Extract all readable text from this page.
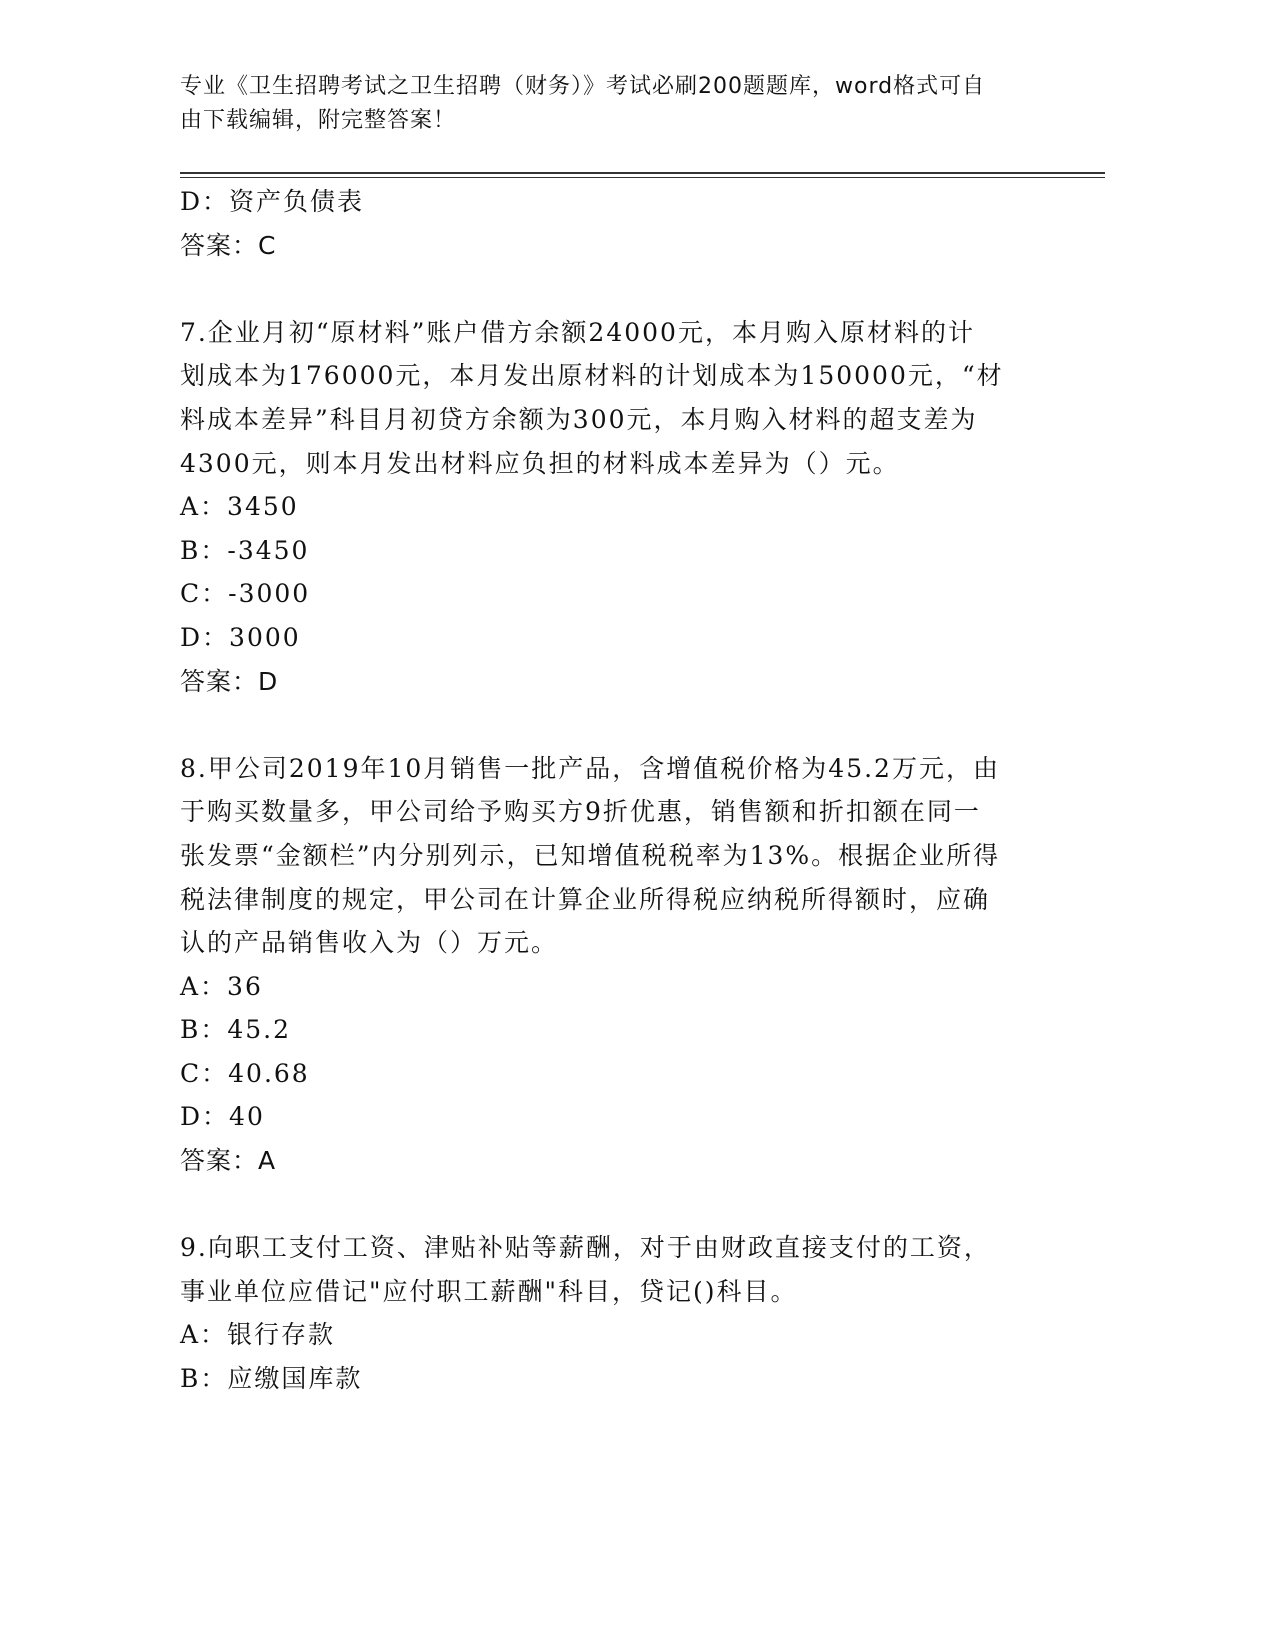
专业《卫生招聘考试之卫生招聘（财务）》考试必刷200题题库，word格式可自
由下载编辑，附完整答案！
D：资产负债表
答案：C
7.企业月初“原材料”账户借方余额24000元，本月购入原材料的计
划成本为176000元，本月发出原材料的计划成本为150000元，“材
料成本差异”科目月初贷方余额为300元，本月购入材料的超支差为
4300元，则本月发出材料应负担的材料成本差异为（）元。
A：3450
B：-3450
C：-3000
D：3000
答案：D
8.甲公司2019年10月销售一批产品，含增值税价格为45.2万元，由
于购买数量多，甲公司给予购买方9折优惠，销售额和折扣额在同一
张发票“金额栏”内分别列示，已知增值税税率为13%。根据企业所得
税法律制度的规定，甲公司在计算企业所得税应纳税所得额时，应确
认的产品销售收入为（）万元。
A：36
B：45.2
C：40.68
D：40
答案：A
9.向职工支付工资、津贴补贴等薪酬，对于由财政直接支付的工资，
事业单位应借记"应付职工薪酬"科目，贷记()科目。
A：银行存款
B：应缴国库款
